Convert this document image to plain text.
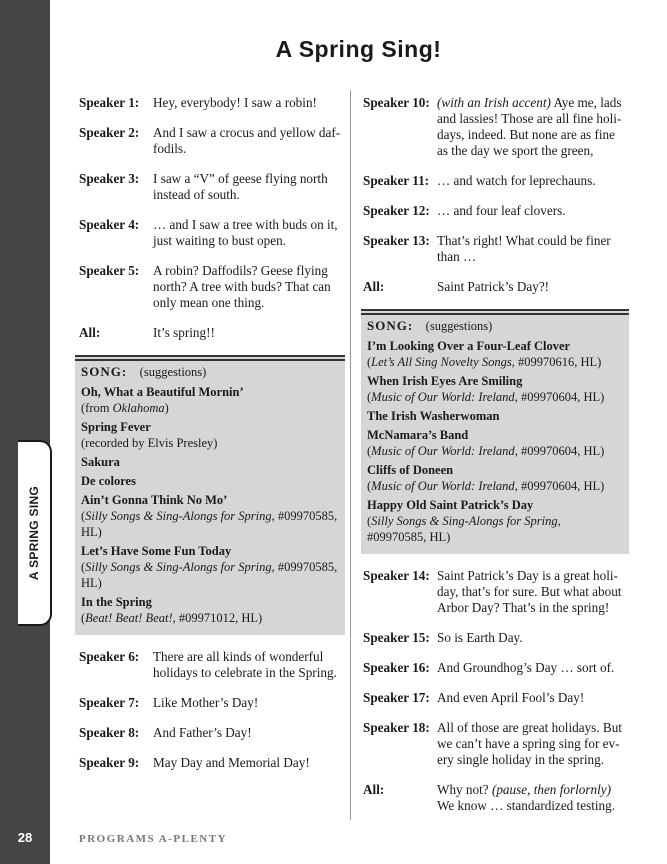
28
A SPRING SING
A Spring Sing!
Speaker 1:	Hey, everybody! I saw a robin!
Speaker 2:	And I saw a crocus and yellow daf-fodils.
Speaker 3:	I saw a “V” of geese flying north instead of south.
Speaker 4:	… and I saw a tree with buds on it, just waiting to bust open.
Speaker 5:	A robin? Daffodils? Geese flying north? A tree with buds? That can only mean one thing.
All:	It’s spring!!
SONG: (suggestions)
Oh, What a Beautiful Mornin’
(from Oklahoma)
Spring Fever
(recorded by Elvis Presley)
Sakura
De colores
Ain’t Gonna Think No Mo’
(Silly Songs & Sing-Alongs for Spring, #09970585, HL)
Let’s Have Some Fun Today
(Silly Songs & Sing-Alongs for Spring, #09970585, HL)
In the Spring
(Beat! Beat! Beat!, #09971012, HL)
Speaker 6:	There are all kinds of wonderful holidays to celebrate in the Spring.
Speaker 7:	Like Mother’s Day!
Speaker 8:	And Father’s Day!
Speaker 9:	May Day and Memorial Day!
Speaker 10: (with an Irish accent) Aye me, lads and lassies! Those are all fine holi-days, indeed. But none are as fine as the day we sport the green,
Speaker 11: … and watch for leprechauns.
Speaker 12: … and four leaf clovers.
Speaker 13: That’s right! What could be finer than …
All:	Saint Patrick’s Day?!
SONG: (suggestions)
I’m Looking Over a Four-Leaf Clover
(Let’s All Sing Novelty Songs, #09970616, HL)
When Irish Eyes Are Smiling
(Music of Our World: Ireland, #09970604, HL)
The Irish Washerwoman
McNamara’s Band
(Music of Our World: Ireland, #09970604, HL)
Cliffs of Doneen
(Music of Our World: Ireland, #09970604, HL)
Happy Old Saint Patrick’s Day
(Silly Songs & Sing-Alongs for Spring, #09970585, HL)
Speaker 14: Saint Patrick’s Day is a great holi-day, that’s for sure. But what about Arbor Day? That’s in the spring!
Speaker 15: So is Earth Day.
Speaker 16: And Groundhog’s Day … sort of.
Speaker 17: And even April Fool’s Day!
Speaker 18: All of those are great holidays. But we can’t have a spring sing for ev-ery single holiday in the spring.
All:	Why not? (pause, then forlornly) We know … standardized testing.
PROGRAMS A-PLENTY
